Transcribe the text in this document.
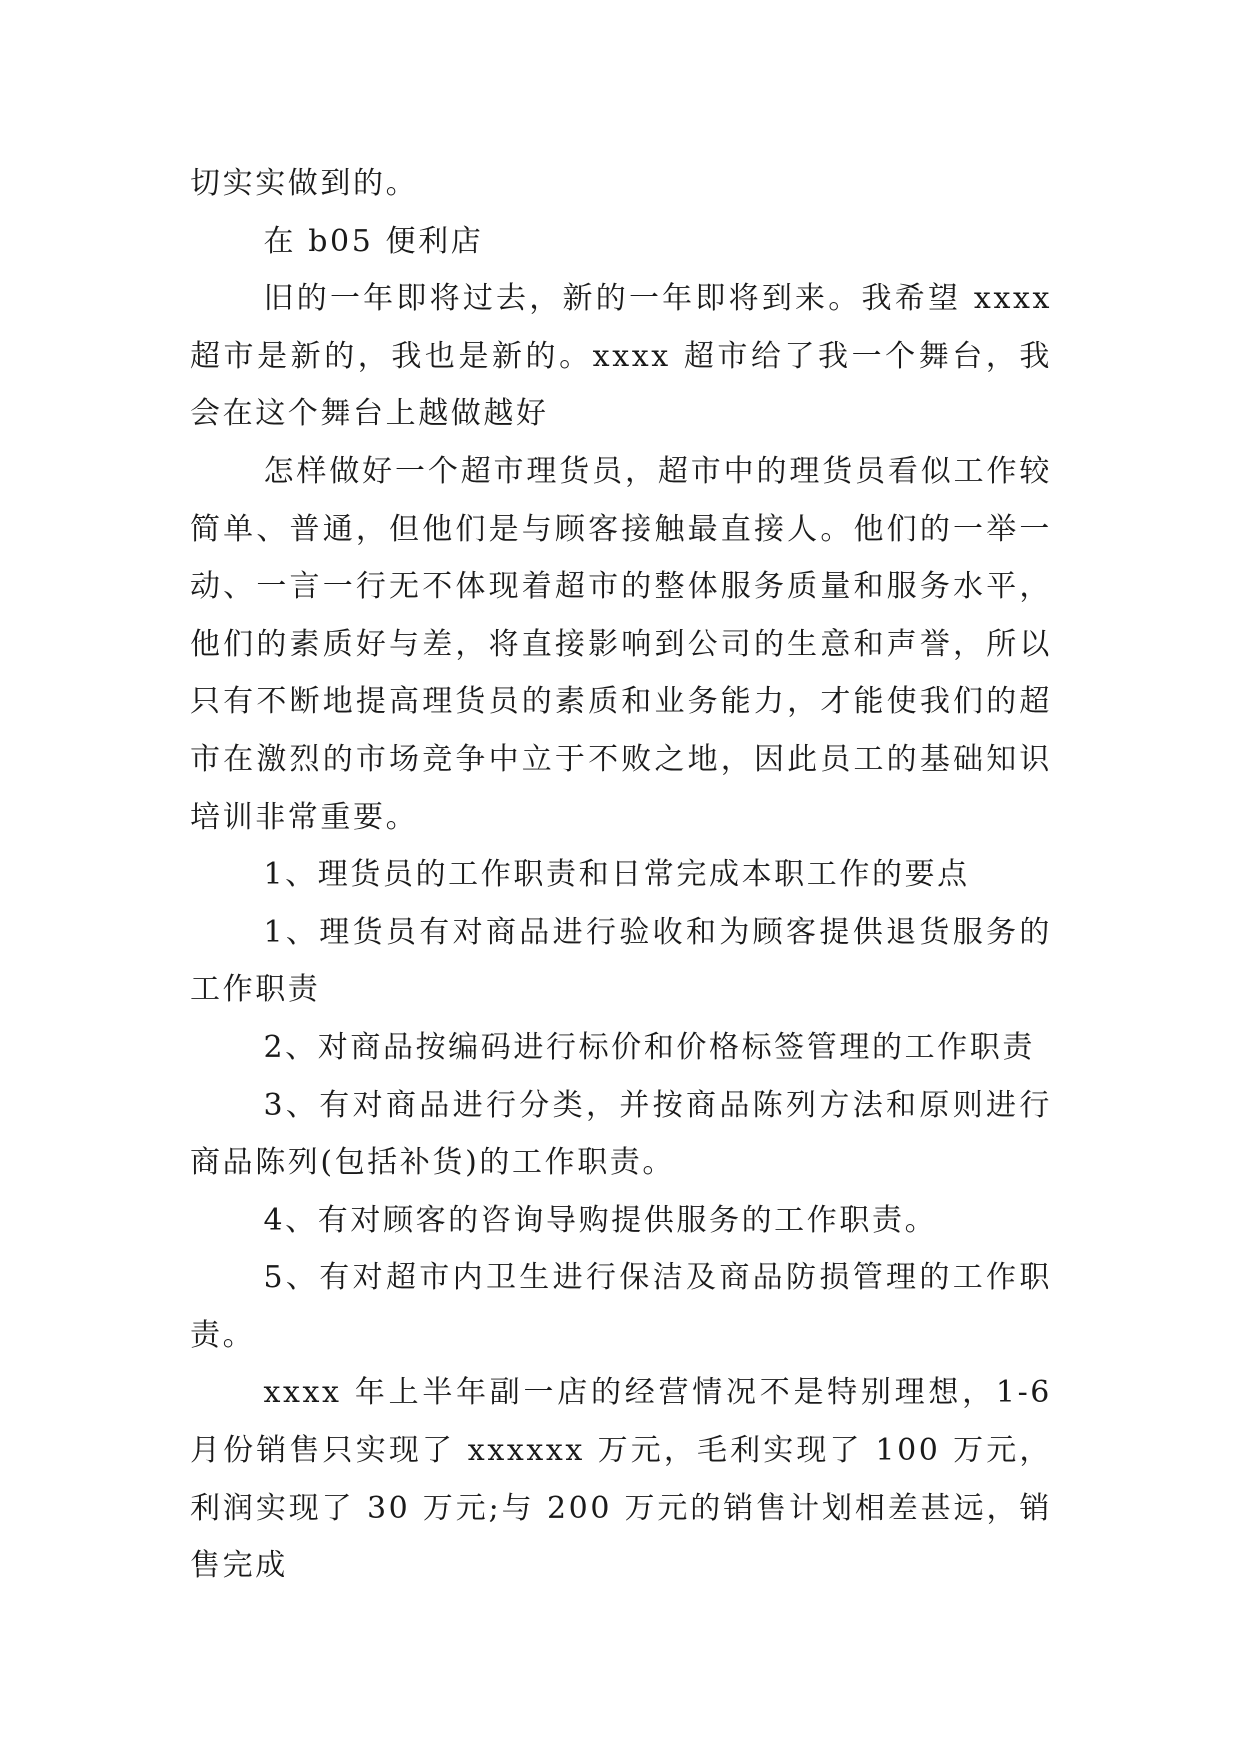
切实实做到的。

在 b05 便利店

旧的一年即将过去，新的一年即将到来。我希望 xxxx 超市是新的，我也是新的。xxxx 超市给了我一个舞台，我会在这个舞台上越做越好

怎样做好一个超市理货员，超市中的理货员看似工作较简单、普通，但他们是与顾客接触最直接人。他们的一举一动、一言一行无不体现着超市的整体服务质量和服务水平，他们的素质好与差，将直接影响到公司的生意和声誉，所以只有不断地提高理货员的素质和业务能力，才能使我们的超市在激烈的市场竞争中立于不败之地，因此员工的基础知识培训非常重要。

1、理货员的工作职责和日常完成本职工作的要点

1、理货员有对商品进行验收和为顾客提供退货服务的工作职责

2、对商品按编码进行标价和价格标签管理的工作职责

3、有对商品进行分类，并按商品陈列方法和原则进行商品陈列(包括补货)的工作职责。

4、有对顾客的咨询导购提供服务的工作职责。

5、有对超市内卫生进行保洁及商品防损管理的工作职责。

xxxx 年上半年副一店的经营情况不是特别理想，1-6 月份销售只实现了 xxxxxx 万元，毛利实现了 100 万元，利润实现了 30 万元;与 200 万元的销售计划相差甚远，销售完成
